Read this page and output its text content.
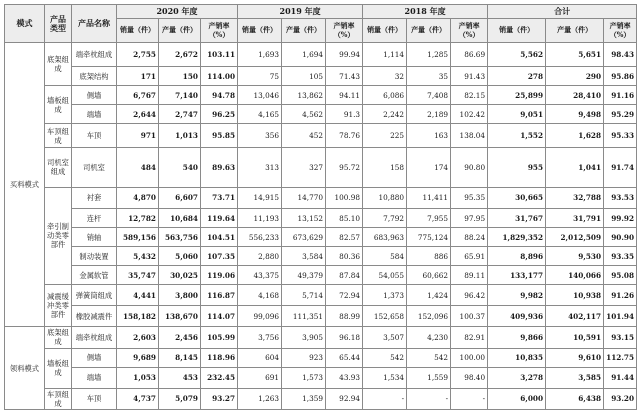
模式	产品类型	产品名称	2020 年度			2019 年度			2018 年度			合计		
			销量（件）	产量（件）	产销率（%）	销量（件）	产量（件）	产销率（%）	销量（件）	产量（件）	产销率（%）	销量（件）	产量（件）	产销率（%）
买料模式	底架组成	端牵枕组成	2,755	2,672	103.11	1,693	1,694	99.94	1,114	1,285	86.69	5,562	5,651	98.43
		底架结构	171	150	114.00	75	105	71.43	32	35	91.43	278	290	95.86
	墙板组成	侧墙	6,767	7,140	94.78	13,046	13,862	94.11	6,086	7,408	82.15	25,899	28,410	91.16
		端墙	2,644	2,747	96.25	4,165	4,562	91.3	2,242	2,189	102.42	9,051	9,498	95.29
	车顶组成	车顶	971	1,013	95.85	356	452	78.76	225	163	138.04	1,552	1,628	95.33
	司机室组成	司机室	484	540	89.63	313	327	95.72	158	174	90.80	955	1,041	91.74
	牵引制动类零部件	衬套	4,870	6,607	73.71	14,915	14,770	100.98	10,880	11,411	95.35	30,665	32,788	93.53
		连杆	12,782	10,684	119.64	11,193	13,152	85.10	7,792	7,955	97.95	31,767	31,791	99.92
		销轴	589,156	563,756	104.51	556,233	673,629	82.57	683,963	775,124	88.24	1,829,352	2,012,509	90.90
		制动装置	5,432	5,060	107.35	2,880	3,584	80.36	584	886	65.91	8,896	9,530	93.35
		金属软管	35,747	30,025	119.06	43,375	49,379	87.84	54,055	60,662	89.11	133,177	140,066	95.08
	减震缓冲类零部件	弹簧筒组成	4,441	3,800	116.87	4,168	5,714	72.94	1,373	1,424	96.42	9,982	10,938	91.26
		橡胶减震件	158,182	138,670	114.07	99,096	111,351	88.99	152,658	152,096	100.37	409,936	402,117	101.94
领料模式	底架组成	端牵枕组成	2,603	2,456	105.99	3,756	3,905	96.18	3,507	4,230	82.91	9,866	10,591	93.15
	墙板组成	侧墙	9,689	8,145	118.96	604	923	65.44	542	542	100.00	10,835	9,610	112.75
		端墙	1,053	453	232.45	691	1,573	43.93	1,534	1,559	98.40	3,278	3,585	91.44
	车顶组成	车顶	4,737	5,079	93.27	1,263	1,359	92.94	-	-	-	6,000	6,438	93.20
